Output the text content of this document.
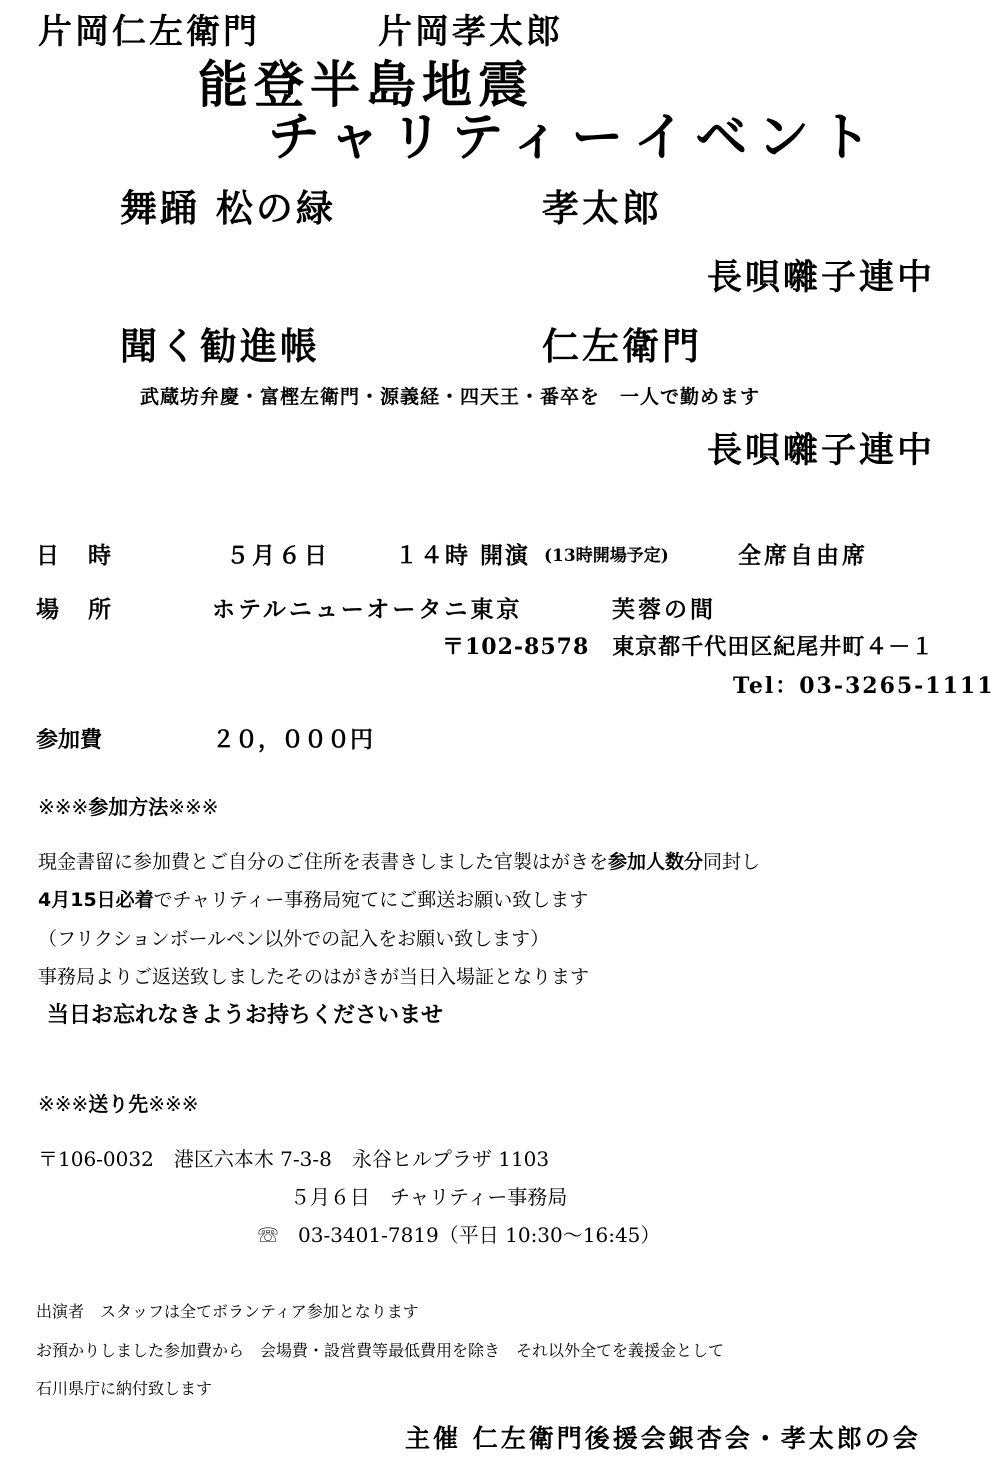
片岡仁左衛門	片岡孝太郎
能登半島地震
チャリティーイベント
舞踊 松の緑	孝太郎
長唄囃子連中
聞く勧進帳	仁左衛門
武蔵坊弁慶・富樫左衛門・源義経・四天王・番卒を　一人で勤めます
長唄囃子連中
日　時	５月６日	１４時 開演 (13時開場予定)	全席自由席
場　所	ホテルニューオータニ東京	芙蓉の間
〒102-8578　東京都千代田区紀尾井町４－１
Tel：03-3265-1111
参加費	２０，０００円
※※※参加方法※※※
現金書留に参加費とご自分のご住所を表書きしました官製はがきを参加人数分同封し
4月15日必着でチャリティー事務局宛てにご郵送お願い致します
（フリクションボールペン以外での記入をお願い致します）
事務局よりご返送致しましたそのはがきが当日入場証となります
当日お忘れなきようお持ちくださいませ
※※※送り先※※※
〒106-0032　港区六本木 7-3-8　永谷ヒルプラザ 1103
５月６日　チャリティー事務局
☏　 03-3401-7819（平日 10:30～16:45）
出演者　スタッフは全てボランティア参加となります
お預かりしました参加費から　会場費・設営費等最低費用を除き　それ以外全てを義援金として
石川県庁に納付致します
主催 仁左衛門後援会銀杏会・孝太郎の会
